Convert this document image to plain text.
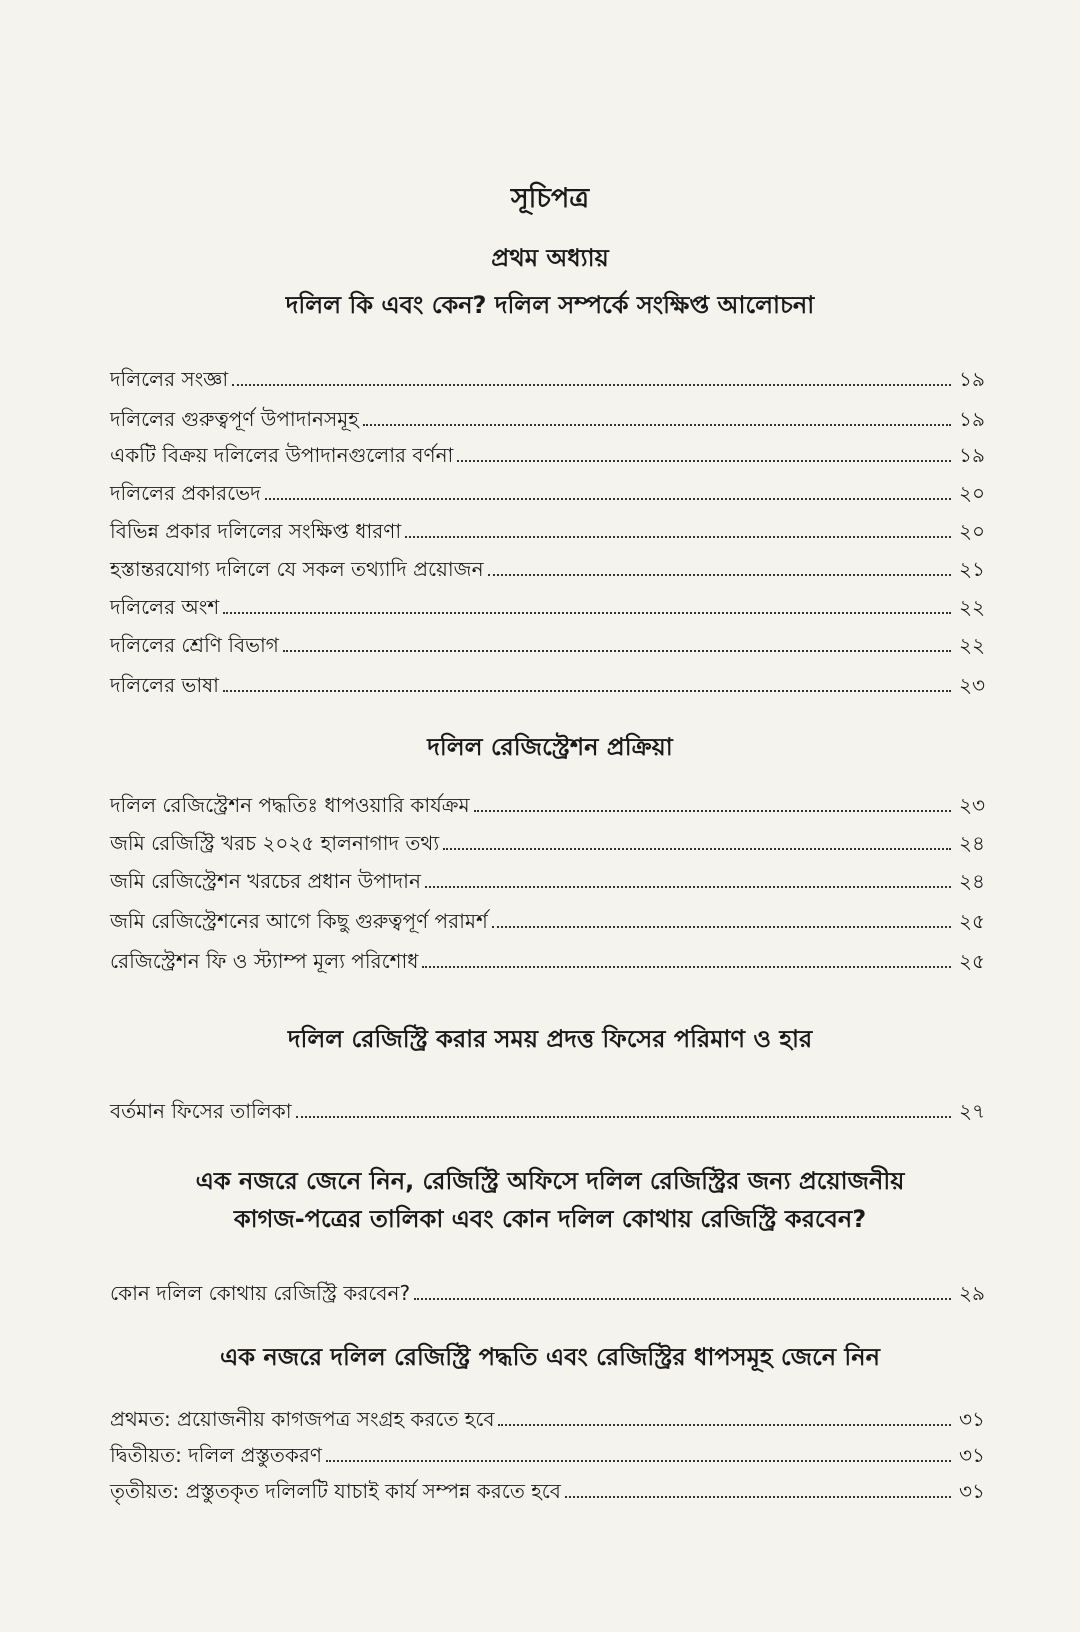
সূচিপত্র
প্রথম অধ্যায়
দলিল কি এবং কেন? দলিল সম্পর্কে সংক্ষিপ্ত আলোচনা
দলিলের সংজ্ঞা	১৯
দলিলের গুরুত্বপূর্ণ উপাদানসমূহ	১৯
একটি বিক্রয় দলিলের উপাদানগুলোর বর্ণনা	১৯
দলিলের প্রকারভেদ	২০
বিভিন্ন প্রকার দলিলের সংক্ষিপ্ত ধারণা	২০
হস্তান্তরযোগ্য দলিলে যে সকল তথ্যাদি প্রয়োজন	২১
দলিলের অংশ	২২
দলিলের শ্রেণি বিভাগ	২২
দলিলের ভাষা	২৩
দলিল রেজিস্ট্রেশন প্রক্রিয়া
দলিল রেজিস্ট্রেশন পদ্ধতিঃ ধাপওয়ারি কার্যক্রম	২৩
জমি রেজিস্ট্রি খরচ ২০২৫ হালনাগাদ তথ্য	২৪
জমি রেজিস্ট্রেশন খরচের প্রধান উপাদান	২৪
জমি রেজিস্ট্রেশনের আগে কিছু গুরুত্বপূর্ণ পরামর্শ	২৫
রেজিস্ট্রেশন ফি ও স্ট্যাম্প মূল্য পরিশোধ	২৫
দলিল রেজিস্ট্রি করার সময় প্রদত্ত ফিসের পরিমাণ ও হার
বর্তমান ফিসের তালিকা	২৭
এক নজরে জেনে নিন, রেজিস্ট্রি অফিসে দলিল রেজিস্ট্রির জন্য প্রয়োজনীয়
কাগজ-পত্রের তালিকা এবং কোন দলিল কোথায় রেজিস্ট্রি করবেন?
কোন দলিল কোথায় রেজিস্ট্রি করবেন?	২৯
এক নজরে দলিল রেজিস্ট্রি পদ্ধতি এবং রেজিস্ট্রির ধাপসমূহ জেনে নিন
প্রথমত: প্রয়োজনীয় কাগজপত্র সংগ্রহ করতে হবে	৩১
দ্বিতীয়ত: দলিল প্রস্তুতকরণ	৩১
তৃতীয়ত: প্রস্তুতকৃত দলিলটি যাচাই কার্য সম্পন্ন করতে হবে	৩১
